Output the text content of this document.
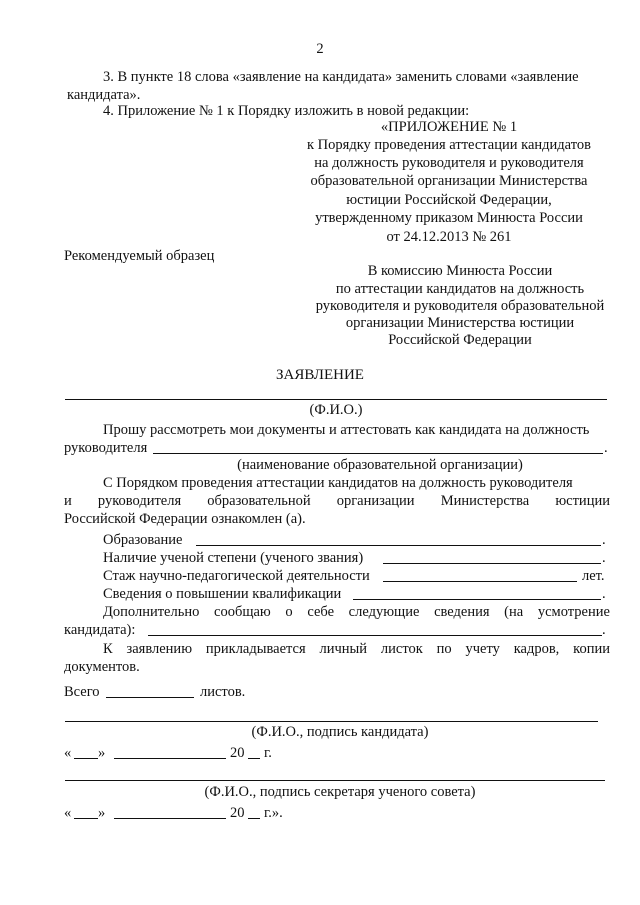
2
3. В пункте 18 слова «заявление на кандидата» заменить словами «заявление
кандидата».
4. Приложение № 1 к Порядку изложить в новой редакции:
«ПРИЛОЖЕНИЕ № 1
к Порядку проведения аттестации кандидатов
на должность руководителя и руководителя
образовательной организации Министерства
юстиции Российской Федерации,
утвержденному приказом Минюста России
от 24.12.2013 № 261
Рекомендуемый образец
В комиссию Минюста России
по аттестации кандидатов на должность
руководителя и руководителя образовательной
организации Министерства юстиции
Российской Федерации
ЗАЯВЛЕНИЕ
(Ф.И.О.)
Прошу рассмотреть мои документы и аттестовать как кандидата на должность
руководителя	.
(наименование образовательной организации)
С Порядком проведения аттестации кандидатов на должность руководителя
и руководителя образовательной организации Министерства юстиции
Российской Федерации ознакомлен (а).
Образование	.
Наличие ученой степени (ученого звания)	.
Стаж научно-педагогической деятельности	лет.
Сведения о повышении квалификации	.
Дополнительно сообщаю о себе следующие сведения (на усмотрение
кандидата):	.
К заявлению прикладывается личный листок по учету кадров, копии
документов.
Всего	листов.
(Ф.И.О., подпись кандидата)
« »	20 г.
(Ф.И.О., подпись секретаря ученого совета)
« »	20 г.».
